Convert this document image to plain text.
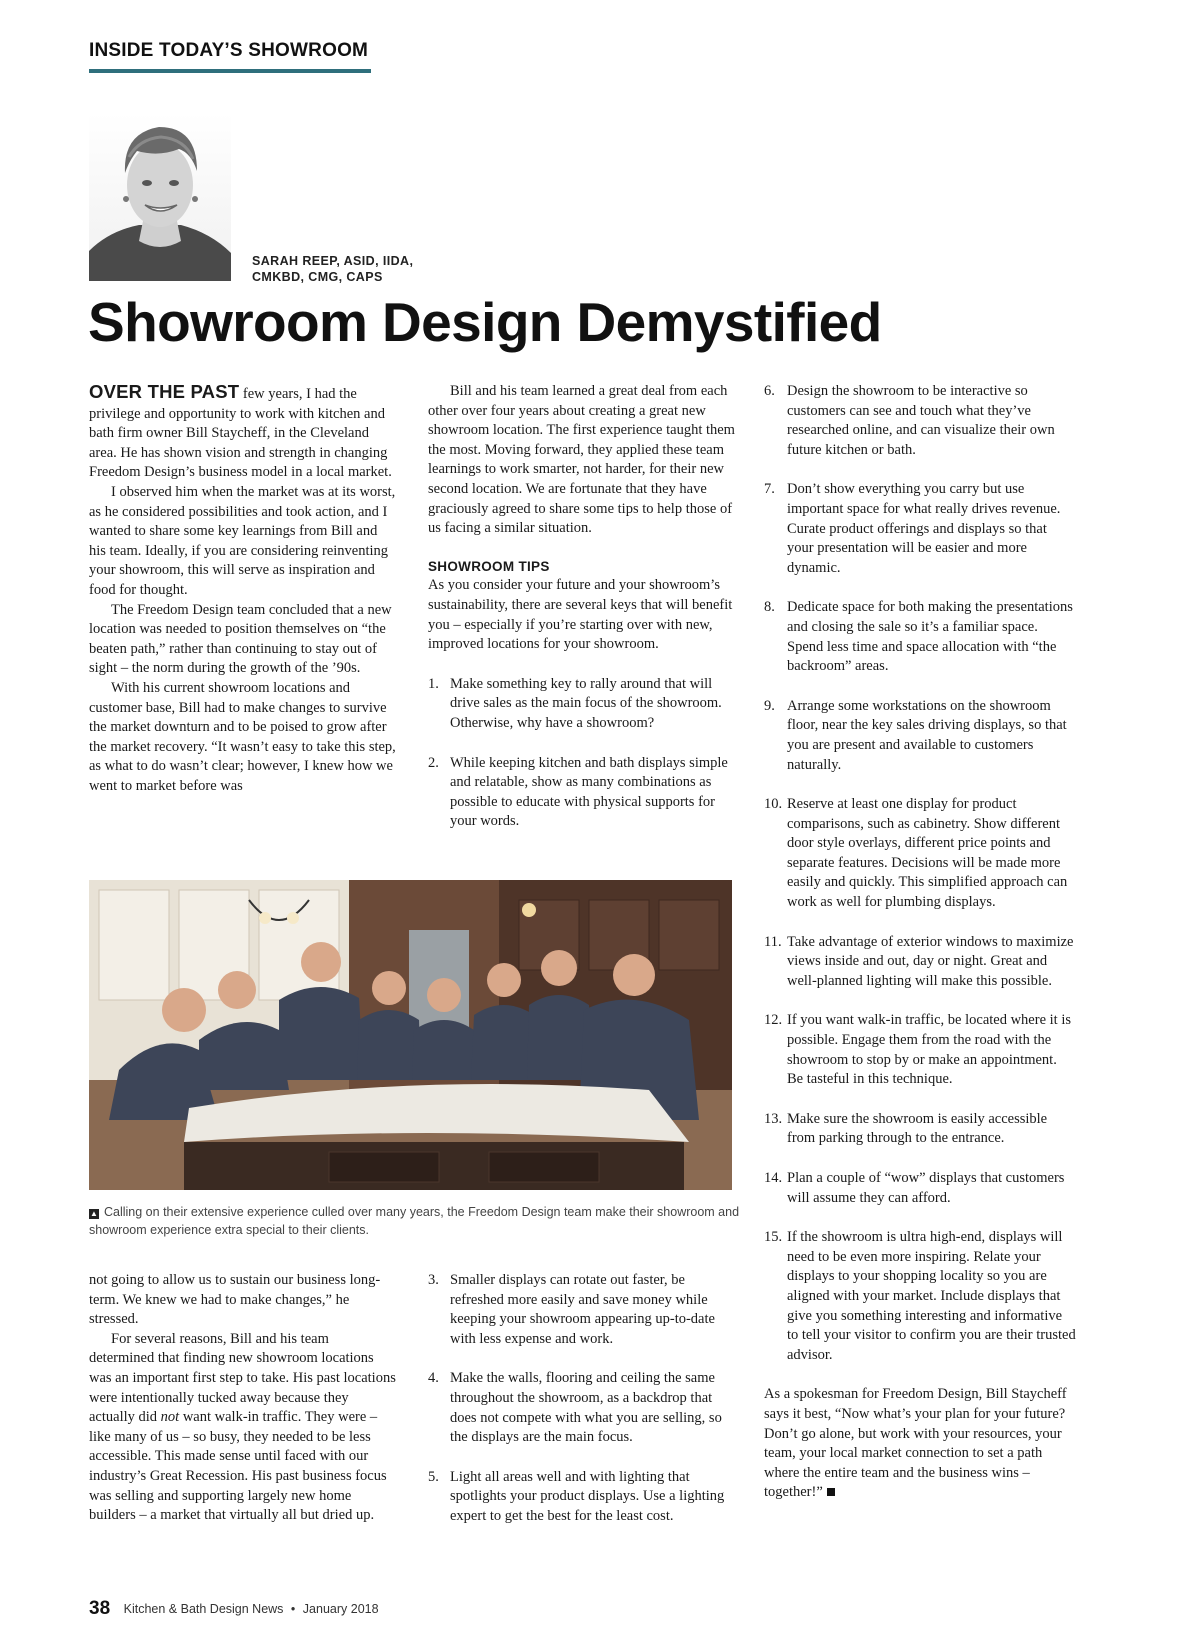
INSIDE TODAY’S SHOWROOM
SARAH REEP, ASID, IIDA,
CMKBD, CMG, CAPS
Showroom Design Demystified

OVER THE PAST few years, I had the privilege and opportunity to work with kitchen and bath firm owner Bill Staycheff, in the Cleveland area. He has shown vision and strength in changing Freedom Design’s business model in a local market.

I observed him when the market was at its worst, as he considered possibilities and took action, and I wanted to share some key learnings from Bill and his team. Ideally, if you are considering reinventing your showroom, this will serve as inspiration and food for thought.

The Freedom Design team concluded that a new location was needed to position themselves on “the beaten path,” rather than continuing to stay out of sight – the norm during the growth of the ’90s.

With his current showroom locations and customer base, Bill had to make changes to survive the market downturn and to be poised to grow after the market recovery. “It wasn’t easy to take this step, as what to do wasn’t clear; however, I knew how we went to market before was

Bill and his team learned a great deal from each other over four years about creating a great new showroom location. The first experience taught them the most. Moving forward, they applied these team learnings to work smarter, not harder, for their new second location. We are fortunate that they have graciously agreed to share some tips to help those of us facing a similar situation.

SHOWROOM TIPS

As you consider your future and your showroom’s sustainability, there are several keys that will benefit you – especially if you’re starting over with new, improved locations for your showroom.

1. Make something key to rally around that will drive sales as the main focus of the showroom. Otherwise, why have a showroom?
2. While keeping kitchen and bath displays simple and relatable, show as many combinations as possible to educate with physical supports for your words.
6. Design the showroom to be interactive so customers can see and touch what they’ve researched online, and can visualize their own future kitchen or bath.
7. Don’t show everything you carry but use important space for what really drives revenue. Curate product offerings and displays so that your presentation will be easier and more dynamic.
8. Dedicate space for both making the presentations and closing the sale so it’s a familiar space. Spend less time and space allocation with “the backroom” areas.
9. Arrange some workstations on the showroom floor, near the key sales driving displays, so that you are present and available to customers naturally.
10. Reserve at least one display for product comparisons, such as cabinetry. Show different door style overlays, different price points and separate features. Decisions will be made more easily and quickly. This simplified approach can work as well for plumbing displays.
11. Take advantage of exterior windows to maximize views inside and out, day or night. Great and well-planned lighting will make this possible.
12. If you want walk-in traffic, be located where it is possible. Engage them from the road with the showroom to stop by or make an appointment. Be tasteful in this technique.
13. Make sure the showroom is easily accessible from parking through to the entrance.
14. Plan a couple of “wow” displays that customers will assume they can afford.
15. If the showroom is ultra high-end, displays will need to be even more inspiring. Relate your displays to your shopping locality so you are aligned with your market. Include displays that give you something interesting and informative to tell your visitor to confirm you are their trusted advisor.

As a spokesman for Freedom Design, Bill Staycheff says it best, “Now what’s your plan for your future? Don’t go alone, but work with your resources, your team, your local market connection to set a path where the entire team and the business wins – together!”

▲ Calling on their extensive experience culled over many years, the Freedom Design team make their showroom and showroom experience extra special to their clients.

not going to allow us to sustain our business long-term. We knew we had to make changes,” he stressed.

For several reasons, Bill and his team determined that finding new showroom locations was an important first step to take. His past locations were intentionally tucked away because they actually did not want walk-in traffic. They were – like many of us – so busy, they needed to be less accessible. This made sense until faced with our industry’s Great Recession. His past business focus was selling and supporting largely new home builders – a market that virtually all but dried up.

3. Smaller displays can rotate out faster, be refreshed more easily and save money while keeping your showroom appearing up-to-date with less expense and work.
4. Make the walls, flooring and ceiling the same throughout the showroom, as a backdrop that does not compete with what you are selling, so the displays are the main focus.
5. Light all areas well and with lighting that spotlights your product displays. Use a lighting expert to get the best for the least cost.
38 Kitchen & Bath Design News • January 2018
